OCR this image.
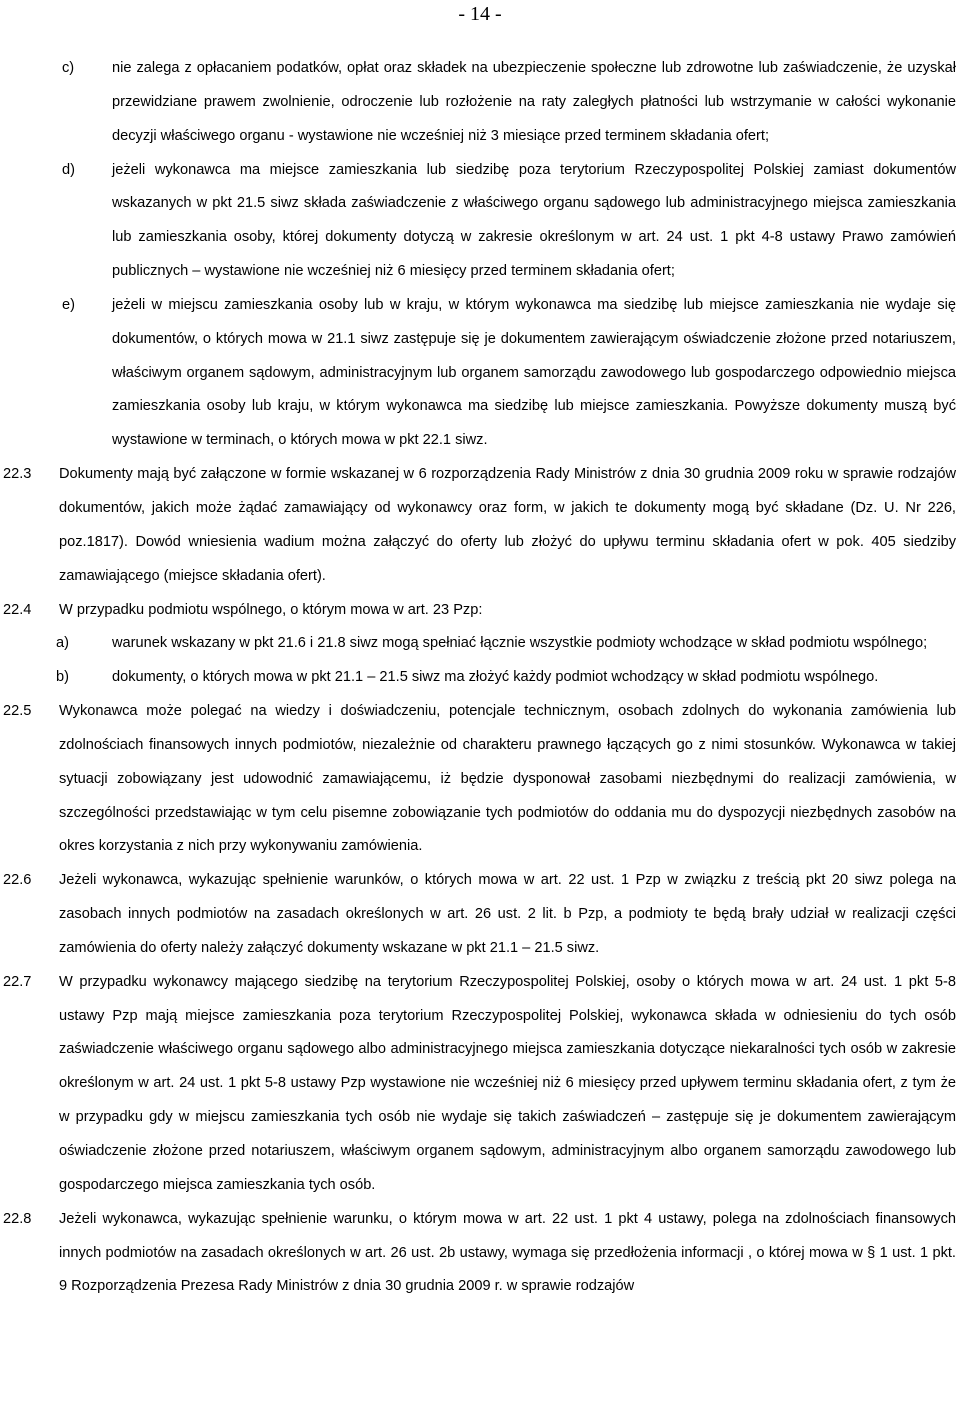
- 14 -
c)	nie zalega z opłacaniem podatków, opłat oraz składek na ubezpieczenie społeczne lub zdrowotne lub zaświadczenie, że uzyskał przewidziane prawem zwolnienie, odroczenie lub rozłożenie na raty zaległych płatności lub wstrzymanie w całości wykonanie decyzji właściwego organu - wystawione nie wcześniej niż 3 miesiące przed terminem składania ofert;
d)	jeżeli wykonawca ma miejsce zamieszkania lub siedzibę poza terytorium Rzeczypospolitej Polskiej zamiast dokumentów wskazanych w pkt 21.5 siwz składa zaświadczenie z właściwego organu sądowego lub administracyjnego miejsca zamieszkania lub zamieszkania osoby, której dokumenty dotyczą w zakresie określonym w art. 24 ust. 1 pkt 4-8 ustawy Prawo zamówień publicznych – wystawione nie wcześniej niż 6 miesięcy przed terminem składania ofert;
e)	jeżeli w miejscu zamieszkania osoby lub w kraju, w którym wykonawca ma siedzibę lub miejsce zamieszkania nie wydaje się dokumentów, o których mowa w 21.1 siwz zastępuje się je dokumentem zawierającym oświadczenie złożone przed notariuszem, właściwym organem sądowym, administracyjnym lub organem samorządu zawodowego lub gospodarczego odpowiednio miejsca zamieszkania osoby lub kraju, w którym wykonawca ma siedzibę lub miejsce zamieszkania. Powyższe dokumenty muszą być wystawione w terminach, o których mowa w pkt 22.1 siwz.
22.3 Dokumenty mają być załączone w formie wskazanej w 6 rozporządzenia Rady Ministrów z dnia 30 grudnia 2009 roku w sprawie rodzajów dokumentów, jakich może żądać zamawiający od wykonawcy oraz form, w jakich te dokumenty mogą być składane (Dz. U. Nr 226, poz.1817). Dowód wniesienia wadium można załączyć do oferty lub złożyć do upływu terminu składania ofert w pok. 405 siedziby zamawiającego (miejsce składania ofert).
22.4 W przypadku podmiotu wspólnego, o którym mowa w art. 23 Pzp:
a)	warunek wskazany w pkt 21.6 i 21.8 siwz mogą spełniać łącznie wszystkie podmioty wchodzące w skład podmiotu wspólnego;
b)	dokumenty, o których mowa w pkt 21.1 – 21.5 siwz ma złożyć każdy podmiot wchodzący w skład podmiotu wspólnego.
22.5 Wykonawca może polegać na wiedzy i doświadczeniu, potencjale technicznym, osobach zdolnych do wykonania zamówienia lub zdolnościach finansowych innych podmiotów, niezależnie od charakteru prawnego łączących go z nimi stosunków. Wykonawca w takiej sytuacji zobowiązany jest udowodnić zamawiającemu, iż będzie dysponował zasobami niezbędnymi do realizacji zamówienia, w szczególności przedstawiając w tym celu pisemne zobowiązanie tych podmiotów do oddania mu do dyspozycji niezbędnych zasobów na okres korzystania z nich przy wykonywaniu zamówienia.
22.6 Jeżeli wykonawca, wykazując spełnienie warunków, o których mowa w art. 22 ust. 1 Pzp w związku z treścią pkt 20 siwz polega na zasobach innych podmiotów na zasadach określonych w art. 26 ust. 2 lit. b Pzp, a podmioty te będą brały udział w realizacji części zamówienia do oferty należy załączyć dokumenty wskazane w pkt 21.1 – 21.5 siwz.
22.7 W przypadku wykonawcy mającego siedzibę na terytorium Rzeczypospolitej Polskiej, osoby o których mowa w art. 24 ust. 1 pkt 5-8 ustawy Pzp mają miejsce zamieszkania poza terytorium Rzeczypospolitej Polskiej, wykonawca składa w odniesieniu do tych osób zaświadczenie właściwego organu sądowego albo administracyjnego miejsca zamieszkania dotyczące niekaralności tych osób w zakresie określonym w art. 24 ust. 1 pkt 5-8 ustawy Pzp wystawione nie wcześniej niż 6 miesięcy przed upływem terminu składania ofert, z tym że w przypadku gdy w miejscu zamieszkania tych osób nie wydaje się takich zaświadczeń – zastępuje się je dokumentem zawierającym oświadczenie złożone przed notariuszem, właściwym organem sądowym, administracyjnym albo organem samorządu zawodowego lub gospodarczego miejsca zamieszkania tych osób.
22.8 Jeżeli wykonawca, wykazując spełnienie warunku, o którym mowa w art. 22 ust. 1 pkt 4 ustawy, polega na zdolnościach finansowych innych podmiotów na zasadach określonych w art. 26 ust. 2b ustawy, wymaga się przedłożenia informacji , o której mowa w § 1 ust. 1 pkt. 9 Rozporządzenia Prezesa Rady Ministrów z dnia 30 grudnia 2009 r. w sprawie rodzajów
